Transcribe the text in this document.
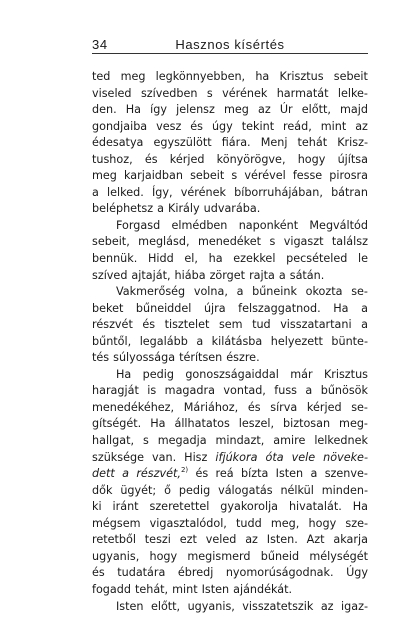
34	Hasznos kísértés
ted meg legkönnyebben, ha Krisztus sebeit
viseled szívedben s vérének harmatát lelke-
den. Ha így jelensz meg az Úr előtt, majd
gondjaiba vesz és úgy tekint reád, mint az
édesatya egyszülött fiára. Menj tehát Krisz-
tushoz, és kérjed könyörögve, hogy újítsa
meg karjaidban sebeit s vérével fesse pirosra
a lelked. Így, vérének bíborruhájában, bátran
beléphetsz a Király udvarába.
Forgasd elmédben naponként Megváltód
sebeit, meglásd, menedéket s vigaszt találsz
bennük. Hidd el, ha ezekkel pecsételed le
szíved ajtaját, hiába zörget rajta a sátán.
Vakmerőség volna, a bűneink okozta se-
beket bűneiddel újra felszaggatnod. Ha a
részvét és tisztelet sem tud visszatartani a
bűntől, legalább a kilátásba helyezett bünte-
tés súlyossága térítsen észre.
Ha pedig gonoszságaiddal már Krisztus
haragját is magadra vontad, fuss a bűnösök
menedékéhez, Máriához, és sírva kérjed se-
gítségét. Ha állhatatos leszel, biztosan meg-
hallgat, s megadja mindazt, amire lelkednek
szüksége van. Hisz ifjúkora óta vele növeke-
dett a részvét,$^{2)}$ és reá bízta Isten a szenve-
dők ügyét; ő pedig válogatás nélkül minden-
ki iránt szeretettel gyakorolja hivatalát. Ha
mégsem vigasztalódol, tudd meg, hogy sze-
retetből teszi ezt veled az Isten. Azt akarja
ugyanis, hogy megismerd bűneid mélységét
és tudatára ébredj nyomorúságodnak. Úgy
fogadd tehát, mint Isten ajándékát.
Isten előtt, ugyanis, visszatetszik az igaz-
